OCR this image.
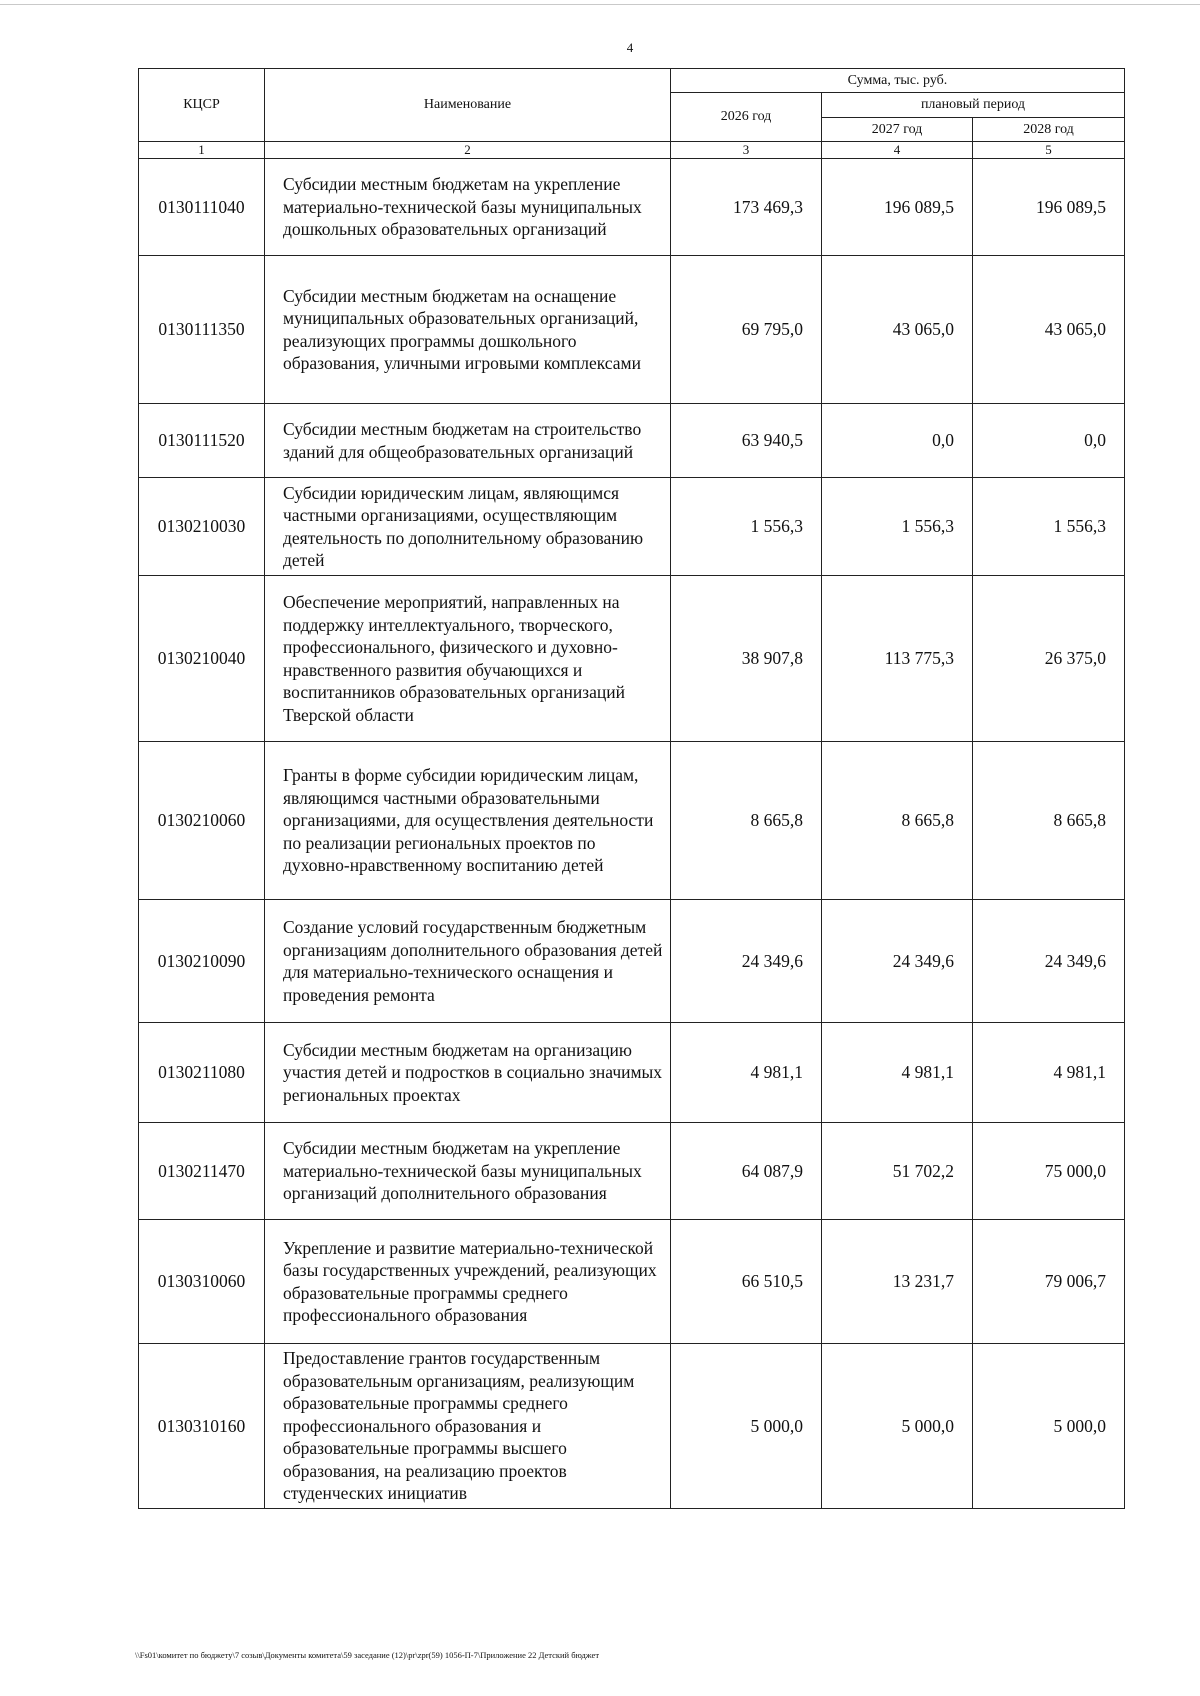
4
КЦСР	Наименование	Сумма, тыс. руб.		
		2026 год	плановый период	
			2027 год	2028 год
1	2	3	4	5
0130111040	Субсидии местным бюджетам на укрепление материально-технической базы муниципальных дошкольных образовательных организаций	173 469,3	196 089,5	196 089,5
0130111350	Субсидии местным бюджетам на оснащение муниципальных образовательных организаций, реализующих программы дошкольного образования, уличными игровыми комплексами	69 795,0	43 065,0	43 065,0
0130111520	Субсидии местным бюджетам на строительство зданий для общеобразовательных организаций	63 940,5	0,0	0,0
0130210030	Субсидии юридическим лицам, являющимся частными организациями, осуществляющим деятельность по дополнительному образованию детей	1 556,3	1 556,3	1 556,3
0130210040	Обеспечение мероприятий, направленных на поддержку интеллектуального, творческого, профессионального, физического и духовно-нравственного развития обучающихся и воспитанников образовательных организаций Тверской области	38 907,8	113 775,3	26 375,0
0130210060	Гранты в форме субсидии юридическим лицам, являющимся частными образовательными организациями, для осуществления деятельности по реализации региональных проектов по духовно-нравственному воспитанию детей	8 665,8	8 665,8	8 665,8
0130210090	Создание условий государственным бюджетным организациям дополнительного образования детей для материально-технического оснащения и проведения ремонта	24 349,6	24 349,6	24 349,6
0130211080	Субсидии местным бюджетам на организацию участия детей и подростков в социально значимых региональных проектах	4 981,1	4 981,1	4 981,1
0130211470	Субсидии местным бюджетам на укрепление материально-технической базы муниципальных организаций дополнительного образования	64 087,9	51 702,2	75 000,0
0130310060	Укрепление и развитие материально-технической базы государственных учреждений, реализующих образовательные программы среднего профессионального образования	66 510,5	13 231,7	79 006,7
0130310160	Предоставление грантов государственным образовательным организациям, реализующим образовательные программы среднего профессионального образования и образовательные программы высшего образования, на реализацию проектов студенческих инициатив	5 000,0	5 000,0	5 000,0
\\Fs01\комитет по бюджету\7 созыв\Документы комитета\59 заседание (12)\pr\zpr(59) 1056-П-7\Приложение 22 Детский бюджет
